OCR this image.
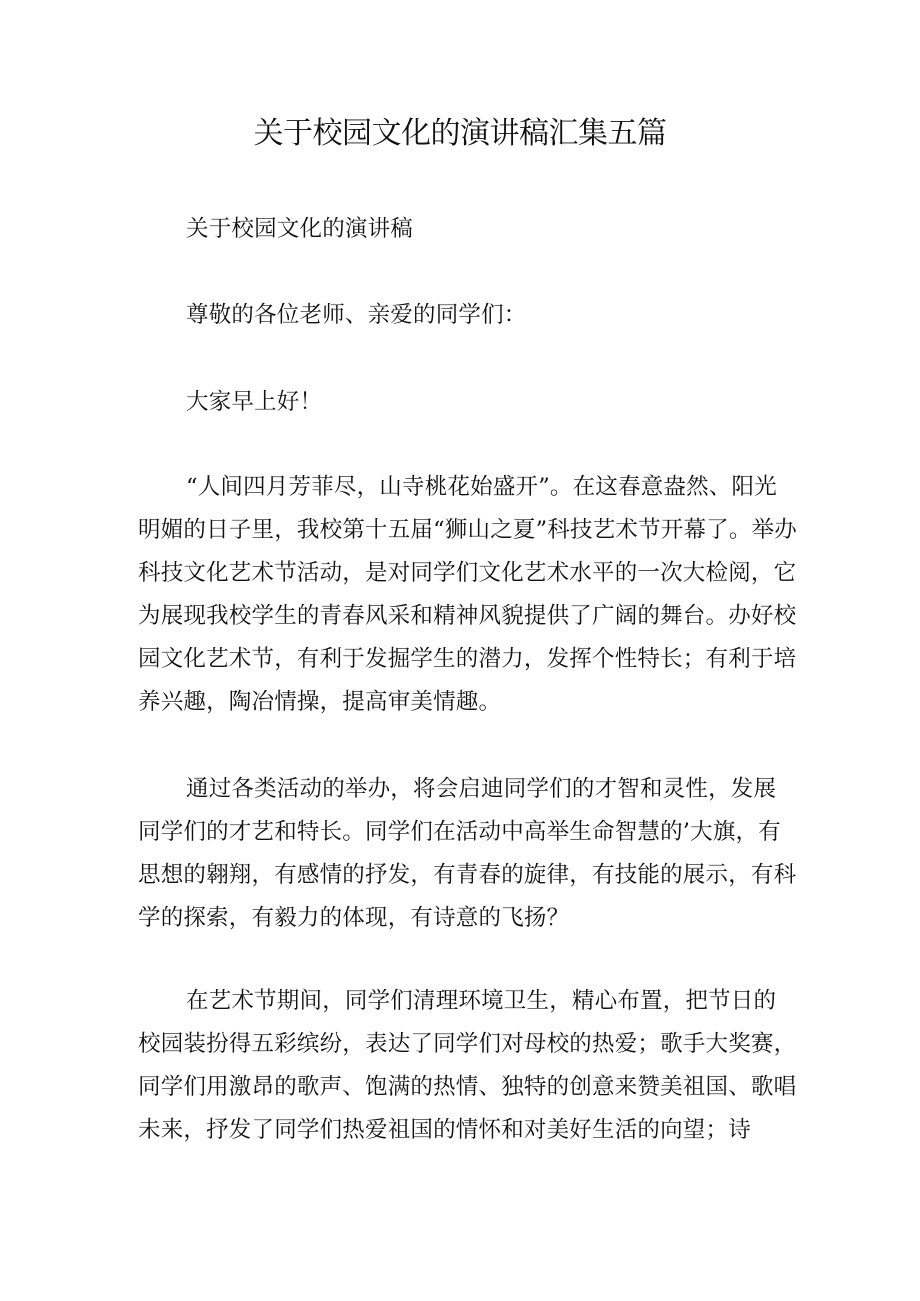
关于校园文化的演讲稿汇集五篇

关于校园文化的演讲稿

尊敬的各位老师、亲爱的同学们：

大家早上好！

“人间四月芳菲尽，山寺桃花始盛开”。在这春意盎然、阳光明媚的日子里，我校第十五届“狮山之夏”科技艺术节开幕了。举办科技文化艺术节活动，是对同学们文化艺术水平的一次大检阅，它为展现我校学生的青春风采和精神风貌提供了广阔的舞台。办好校园文化艺术节，有利于发掘学生的潜力，发挥个性特长；有利于培养兴趣，陶冶情操，提高审美情趣。

通过各类活动的举办，将会启迪同学们的才智和灵性，发展同学们的才艺和特长。同学们在活动中高举生命智慧的’大旗，有思想的翱翔，有感情的抒发，有青春的旋律，有技能的展示，有科学的探索，有毅力的体现，有诗意的飞扬？

在艺术节期间，同学们清理环境卫生，精心布置，把节日的校园装扮得五彩缤纷，表达了同学们对母校的热爱；歌手大奖赛，同学们用激昂的歌声、饱满的热情、独特的创意来赞美祖国、歌唱未来，抒发了同学们热爱祖国的情怀和对美好生活的向望；诗
